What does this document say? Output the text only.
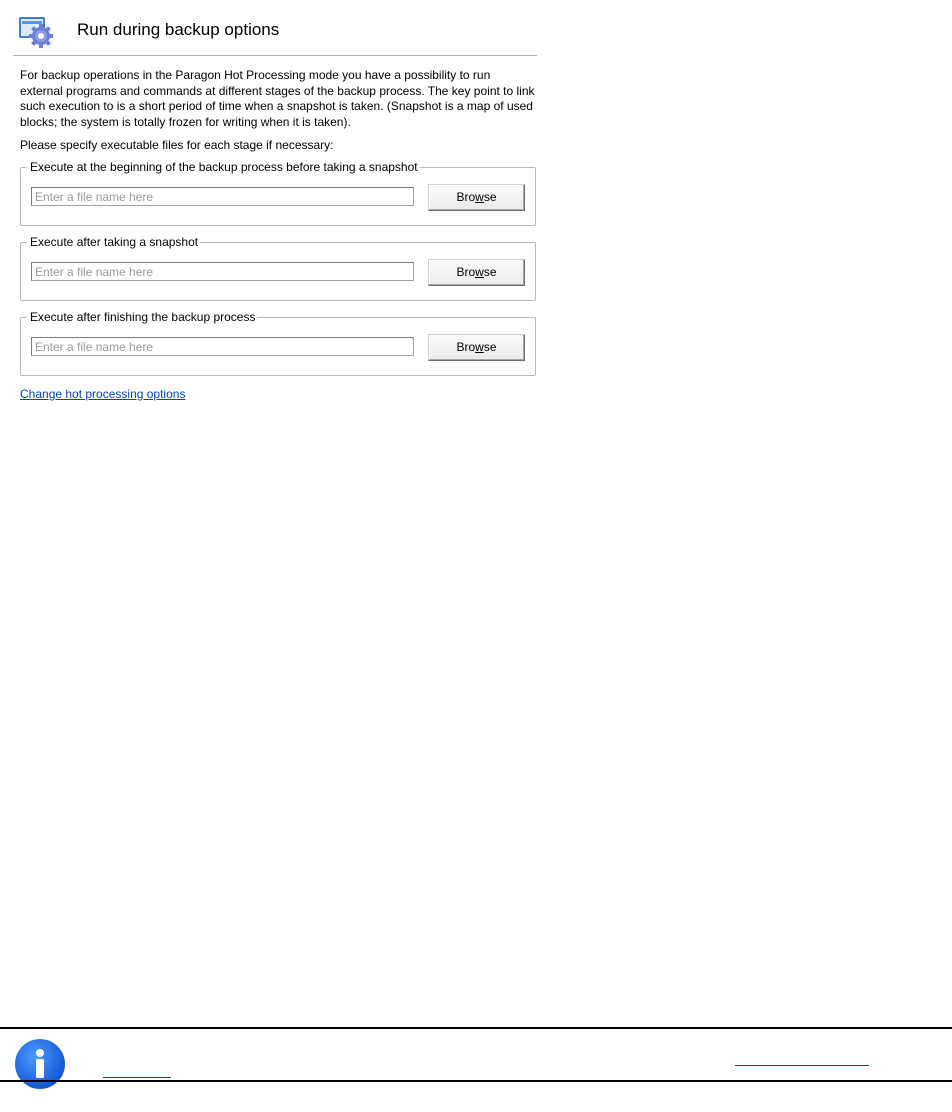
Run during backup options
For backup operations in the Paragon Hot Processing mode you have a possibility to run external programs and commands at different stages of the backup process. The key point to link such execution to is a short period of time when a snapshot is taken. (Snapshot is a map of used blocks; the system is totally frozen for writing when it is taken).
Please specify executable files for each stage if necessary:
Execute at the beginning of the backup process before taking a snapshot
Enter a file name here
Browse
Execute after taking a snapshot
Enter a file name here
Browse
Execute after finishing the backup process
Enter a file name here
Browse
Change hot processing options
